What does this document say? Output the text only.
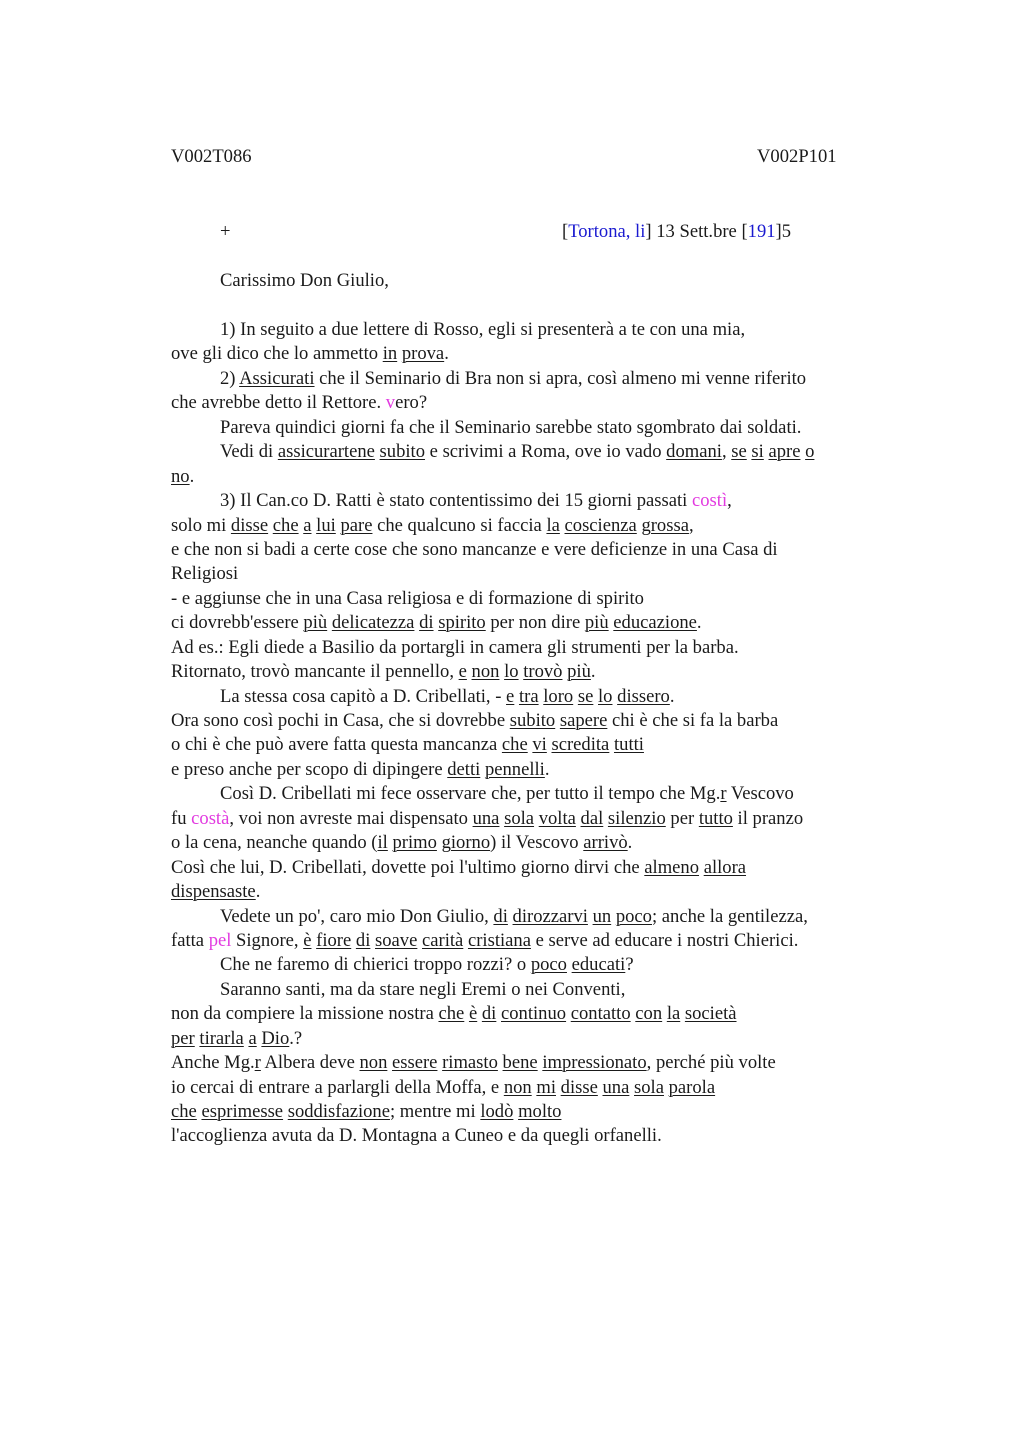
V002T086	V002P101
+	[Tortona, li] 13 Sett.bre [191]5
Carissimo Don Giulio,
1) In seguito a due lettere di Rosso, egli si presenterà a te con una mia,
ove gli dico che lo ammetto in prova.
2) Assicurati che il Seminario di Bra non si apra, così almeno mi venne riferito
che avrebbe detto il Rettore. vero?
Pareva quindici giorni fa che il Seminario sarebbe stato sgombrato dai soldati.
Vedi di assicurartene subito e scrivimi a Roma, ove io vado domani, se si apre o
no.
3) Il Can.co D. Ratti è stato contentissimo dei 15 giorni passati costì,
solo mi disse che a lui pare che qualcuno si faccia la coscienza grossa,
e che non si badi a certe cose che sono mancanze e vere deficienze in una Casa di
Religiosi
- e aggiunse che in una Casa religiosa e di formazione di spirito
ci dovrebb'essere più delicatezza di spirito per non dire più educazione.
Ad es.: Egli diede a Basilio da portargli in camera gli strumenti per la barba.
Ritornato, trovò mancante il pennello, e non lo trovò più.
La stessa cosa capitò a D. Cribellati, - e tra loro se lo dissero.
Ora sono così pochi in Casa, che si dovrebbe subito sapere chi è che si fa la barba
o chi è che può avere fatta questa mancanza che vi scredita tutti
e preso anche per scopo di dipingere detti pennelli.
Così D. Cribellati mi fece osservare che, per tutto il tempo che Mg.r Vescovo
fu costà, voi non avreste mai dispensato una sola volta dal silenzio per tutto il pranzo
o la cena, neanche quando (il primo giorno) il Vescovo arrivò.
Così che lui, D. Cribellati, dovette poi l'ultimo giorno dirvi che almeno allora
dispensaste.
Vedete un po', caro mio Don Giulio, di dirozzarvi un poco; anche la gentilezza,
fatta pel Signore, è fiore di soave carità cristiana e serve ad educare i nostri Chierici.
Che ne faremo di chierici troppo rozzi? o poco educati?
Saranno santi, ma da stare negli Eremi o nei Conventi,
non da compiere la missione nostra che è di continuo contatto con la società
per tirarla a Dio.?
Anche Mg.r Albera deve non essere rimasto bene impressionato, perché più volte
io cercai di entrare a parlargli della Moffa, e non mi disse una sola parola
che esprimesse soddisfazione; mentre mi lodò molto
l'accoglienza avuta da D. Montagna a Cuneo e da quegli orfanelli.
